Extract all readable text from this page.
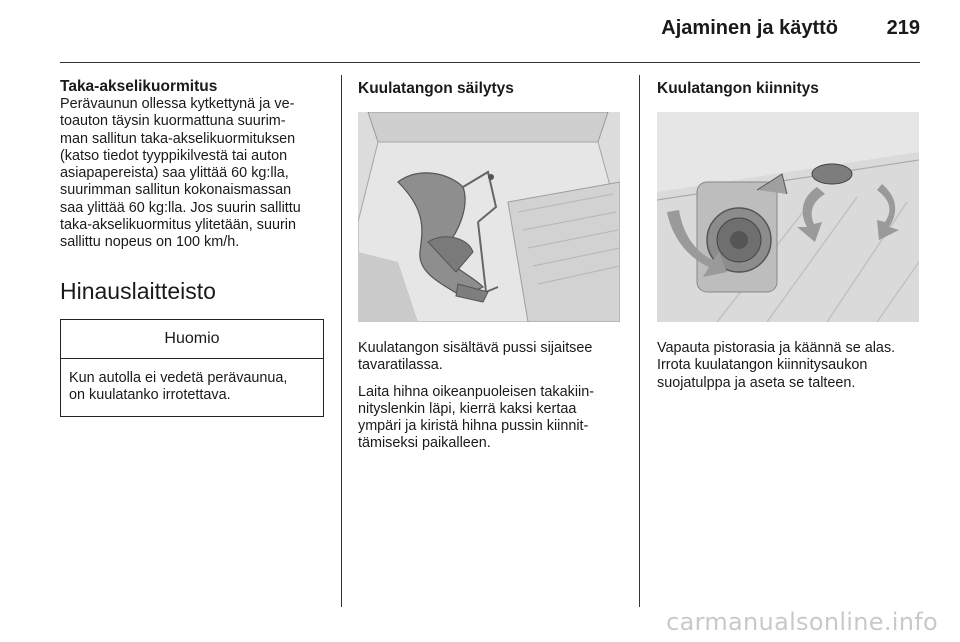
Ajaminen ja käyttö 219

Taka-akselikuormitus

Perävaunun ollessa kytkettynä ja ve-

toauton täysin kuormattuna suurim-

man sallitun taka-akselikuormituksen

(katso tiedot tyyppikilvestä tai auton

asiapapereista) saa ylittää 60 kg:lla,

suurimman sallitun kokonaismassan

saa ylittää 60 kg:lla. Jos suurin sallittu

taka-akselikuormitus ylitetään, suurin

sallittu nopeus on 100 km/h.

Hinauslaitteisto
Huomio
Kun autolla ei vedetä perävaunua,
on kuulatanko irrotettava.

Kuulatangon säilytys

Kuulatangon sisältävä pussi sijaitsee

tavaratilassa.

Laita hihna oikeanpuoleisen takakiin-

nityslenkin läpi, kierrä kaksi kertaa

ympäri ja kiristä hihna pussin kiinnit-

tämiseksi paikalleen.

Kuulatangon kiinnitys

Vapauta pistorasia ja käännä se alas.

Irrota kuulatangon kiinnitysaukon

suojatulppa ja aseta se talteen.

carmanualsonline.info
